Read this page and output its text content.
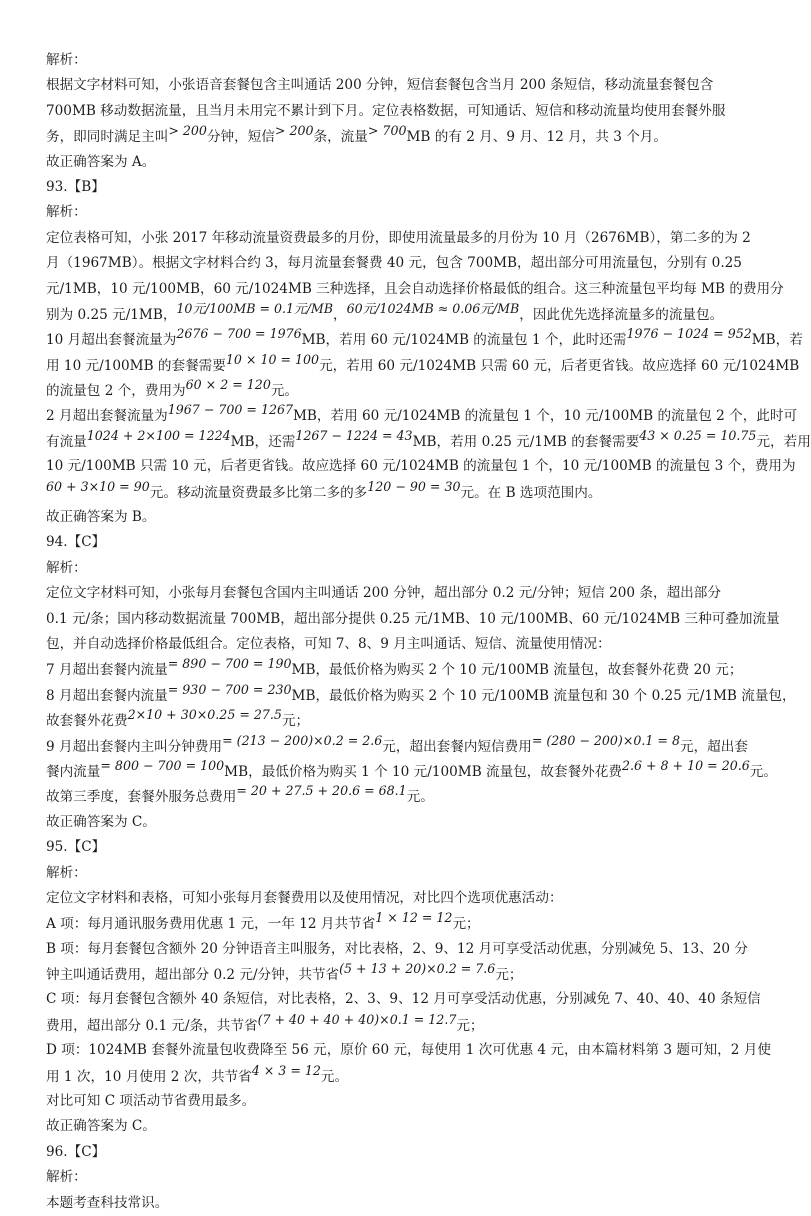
解析：
根据文字材料可知，小张语音套餐包含主叫通话 200 分钟，短信套餐包含当月 200 条短信，移动流量套餐包含
700MB 移动数据流量，且当月未用完不累计到下月。定位表格数据，可知通话、短信和移动流量均使用套餐外服
务，即同时满足主叫> 200分钟，短信> 200条，流量> 700MB 的有 2 月、9 月、12 月，共 3 个月。
故正确答案为 A。
93.【B】
解析：
定位表格可知，小张 2017 年移动流量资费最多的月份，即使用流量最多的月份为 10 月（2676MB），第二多的为 2
月（1967MB）。根据文字材料合约 3，每月流量套餐费 40 元，包含 700MB，超出部分可用流量包，分别有 0.25
元/1MB，10 元/100MB，60 元/1024MB 三种选择，且会自动选择价格最低的组合。这三种流量包平均每 MB 的费用分
别为 0.25 元/1MB，10元/100MB = 0.1元/MB，60元/1024MB ≈ 0.06元/MB，因此优先选择流量多的流量包。
10 月超出套餐流量为2676 − 700 = 1976MB，若用 60 元/1024MB 的流量包 1 个，此时还需1976 − 1024 = 952MB，若
用 10 元/100MB 的套餐需要10 × 10 = 100元，若用 60 元/1024MB 只需 60 元，后者更省钱。故应选择 60 元/1024MB
的流量包 2 个，费用为60 × 2 = 120元。
2 月超出套餐流量为1967 − 700 = 1267MB，若用 60 元/1024MB 的流量包 1 个，10 元/100MB 的流量包 2 个，此时可
有流量1024 + 2×100 = 1224MB，还需1267 − 1224 = 43MB，若用 0.25 元/1MB 的套餐需要43 × 0.25 = 10.75元，若用
10 元/100MB 只需 10 元，后者更省钱。故应选择 60 元/1024MB 的流量包 1 个，10 元/100MB 的流量包 3 个，费用为
60 + 3×10 = 90元。移动流量资费最多比第二多的多120 − 90 = 30元。在 B 选项范围内。
故正确答案为 B。
94.【C】
解析：
定位文字材料可知，小张每月套餐包含国内主叫通话 200 分钟，超出部分 0.2 元/分钟；短信 200 条，超出部分
0.1 元/条；国内移动数据流量 700MB，超出部分提供 0.25 元/1MB、10 元/100MB、60 元/1024MB 三种可叠加流量
包，并自动选择价格最低组合。定位表格，可知 7、8、9 月主叫通话、短信、流量使用情况：
7 月超出套餐内流量= 890 − 700 = 190MB，最低价格为购买 2 个 10 元/100MB 流量包，故套餐外花费 20 元；
8 月超出套餐内流量= 930 − 700 = 230MB，最低价格为购买 2 个 10 元/100MB 流量包和 30 个 0.25 元/1MB 流量包，
故套餐外花费2×10 + 30×0.25 = 27.5元；
9 月超出套餐内主叫分钟费用= (213 − 200)×0.2 = 2.6元，超出套餐内短信费用= (280 − 200)×0.1 = 8元，超出套
餐内流量= 800 − 700 = 100MB，最低价格为购买 1 个 10 元/100MB 流量包，故套餐外花费2.6 + 8 + 10 = 20.6元。
故第三季度，套餐外服务总费用= 20 + 27.5 + 20.6 = 68.1元。
故正确答案为 C。
95.【C】
解析：
定位文字材料和表格，可知小张每月套餐费用以及使用情况，对比四个选项优惠活动：
A 项：每月通讯服务费用优惠 1 元，一年 12 月共节省1 × 12 = 12元；
B 项：每月套餐包含额外 20 分钟语音主叫服务，对比表格，2、9、12 月可享受活动优惠，分别减免 5、13、20 分
钟主叫通话费用，超出部分 0.2 元/分钟，共节省(5 + 13 + 20)×0.2 = 7.6元；
C 项：每月套餐包含额外 40 条短信，对比表格，2、3、9、12 月可享受活动优惠，分别减免 7、40、40、40 条短信
费用，超出部分 0.1 元/条，共节省(7 + 40 + 40 + 40)×0.1 = 12.7元；
D 项：1024MB 套餐外流量包收费降至 56 元，原价 60 元，每使用 1 次可优惠 4 元，由本篇材料第 3 题可知，2 月使
用 1 次，10 月使用 2 次，共节省4 × 3 = 12元。
对比可知 C 项活动节省费用最多。
故正确答案为 C。
96.【C】
解析：
本题考查科技常识。
